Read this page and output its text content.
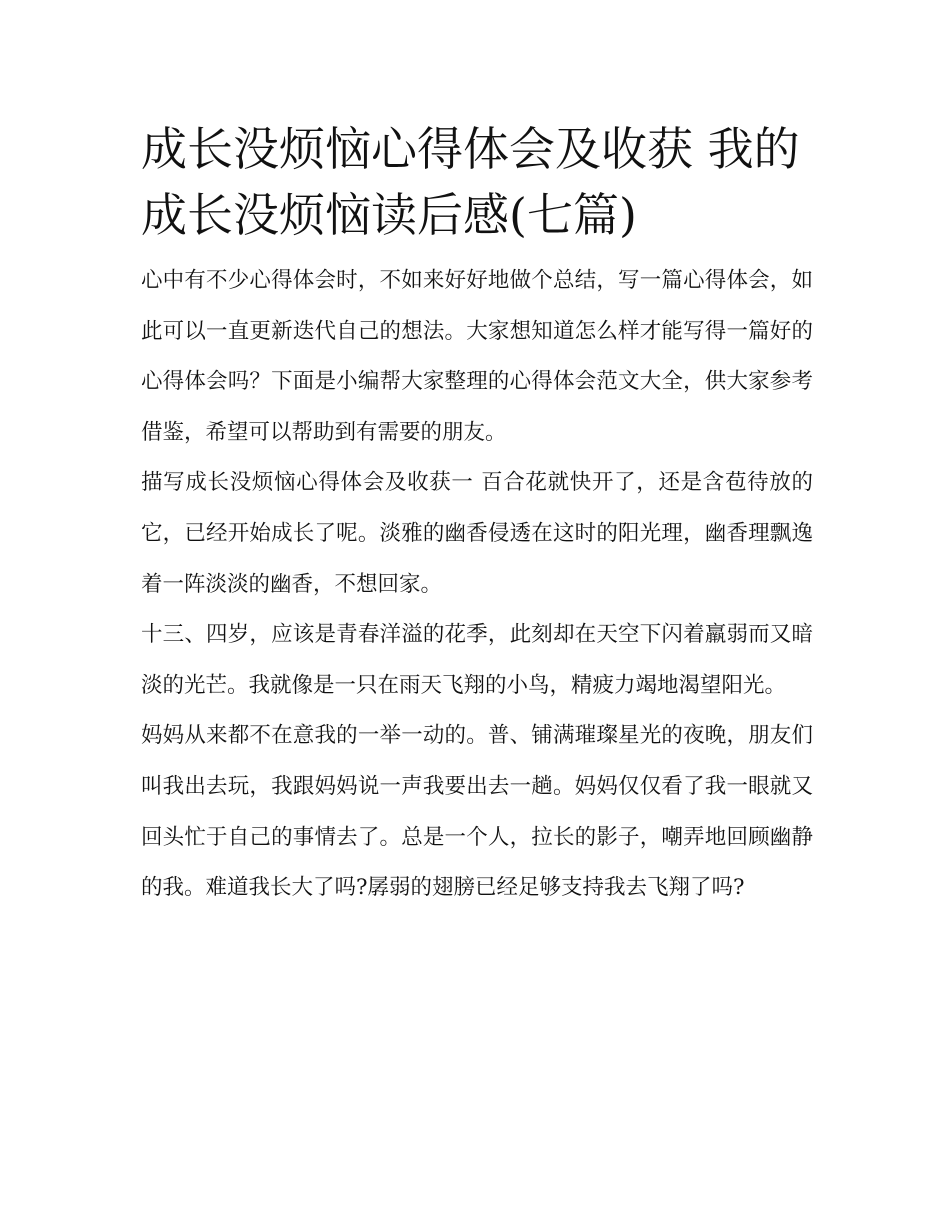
成长没烦恼心得体会及收获 我的成长没烦恼读后感(七篇)

心中有不少心得体会时，不如来好好地做个总结，写一篇心得体会，如此可以一直更新迭代自己的想法。大家想知道怎么样才能写得一篇好的心得体会吗？下面是小编帮大家整理的心得体会范文大全，供大家参考借鉴，希望可以帮助到有需要的朋友。

描写成长没烦恼心得体会及收获一 百合花就快开了，还是含苞待放的它，已经开始成长了呢。淡雅的幽香侵透在这时的阳光理，幽香理飘逸着一阵淡淡的幽香，不想回家。

十三、四岁，应该是青春洋溢的花季，此刻却在天空下闪着羸弱而又暗淡的光芒。我就像是一只在雨天飞翔的小鸟，精疲力竭地渴望阳光。

妈妈从来都不在意我的一举一动的。普、铺满璀璨星光的夜晚，朋友们叫我出去玩，我跟妈妈说一声我要出去一趟。妈妈仅仅看了我一眼就又回头忙于自己的事情去了。总是一个人，拉长的影子，嘲弄地回顾幽静的我。难道我长大了吗?孱弱的翅膀已经足够支持我去飞翔了吗?
